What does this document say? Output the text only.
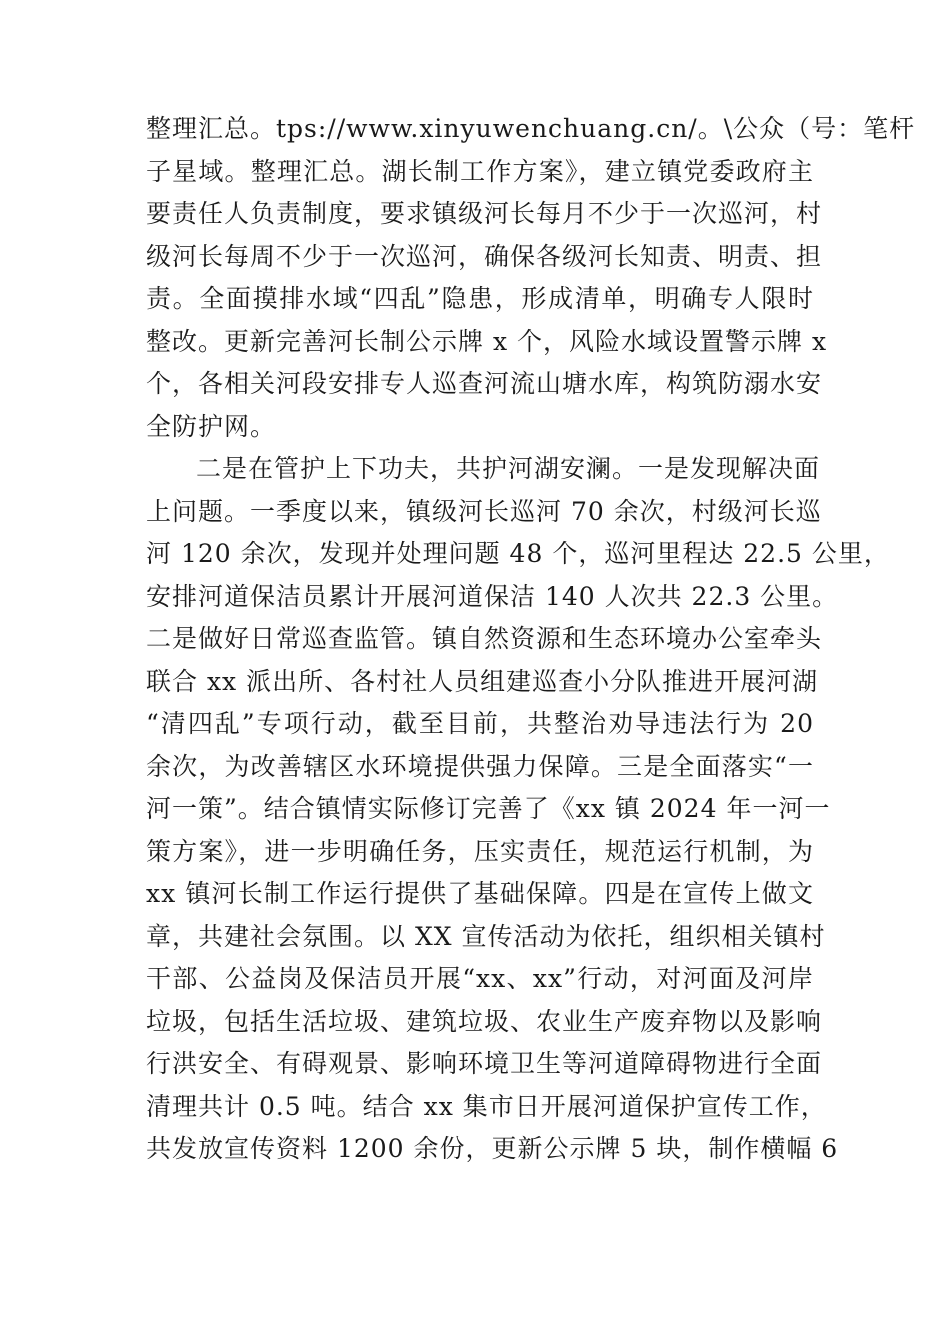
整理汇总。tps://www.xinyuwenchuang.cn/。\公众（号：笔杆
子星域。整理汇总。湖长制工作方案》，建立镇党委政府主
要责任人负责制度，要求镇级河长每月不少于一次巡河，村
级河长每周不少于一次巡河，确保各级河长知责、明责、担
责。全面摸排水域“四乱”隐患，形成清单，明确专人限时
整改。更新完善河长制公示牌 x 个，风险水域设置警示牌 x
个，各相关河段安排专人巡查河流山塘水库，构筑防溺水安
全防护网。
二是在管护上下功夫，共护河湖安澜。一是发现解决面
上问题。一季度以来，镇级河长巡河 70 余次，村级河长巡
河 120 余次，发现并处理问题 48 个，巡河里程达 22.5 公里，
安排河道保洁员累计开展河道保洁 140 人次共 22.3 公里。
二是做好日常巡查监管。镇自然资源和生态环境办公室牵头
联合 xx 派出所、各村社人员组建巡查小分队推进开展河湖
“清四乱”专项行动，截至目前，共整治劝导违法行为 20
余次，为改善辖区水环境提供强力保障。三是全面落实“一
河一策”。结合镇情实际修订完善了《xx 镇 2024 年一河一
策方案》，进一步明确任务，压实责任，规范运行机制，为
xx 镇河长制工作运行提供了基础保障。四是在宣传上做文
章，共建社会氛围。以 XX 宣传活动为依托，组织相关镇村
干部、公益岗及保洁员开展“xx、xx”行动，对河面及河岸
垃圾，包括生活垃圾、建筑垃圾、农业生产废弃物以及影响
行洪安全、有碍观景、影响环境卫生等河道障碍物进行全面
清理共计 0.5 吨。结合 xx 集市日开展河道保护宣传工作，
共发放宣传资料 1200 余份，更新公示牌 5 块，制作横幅 6
